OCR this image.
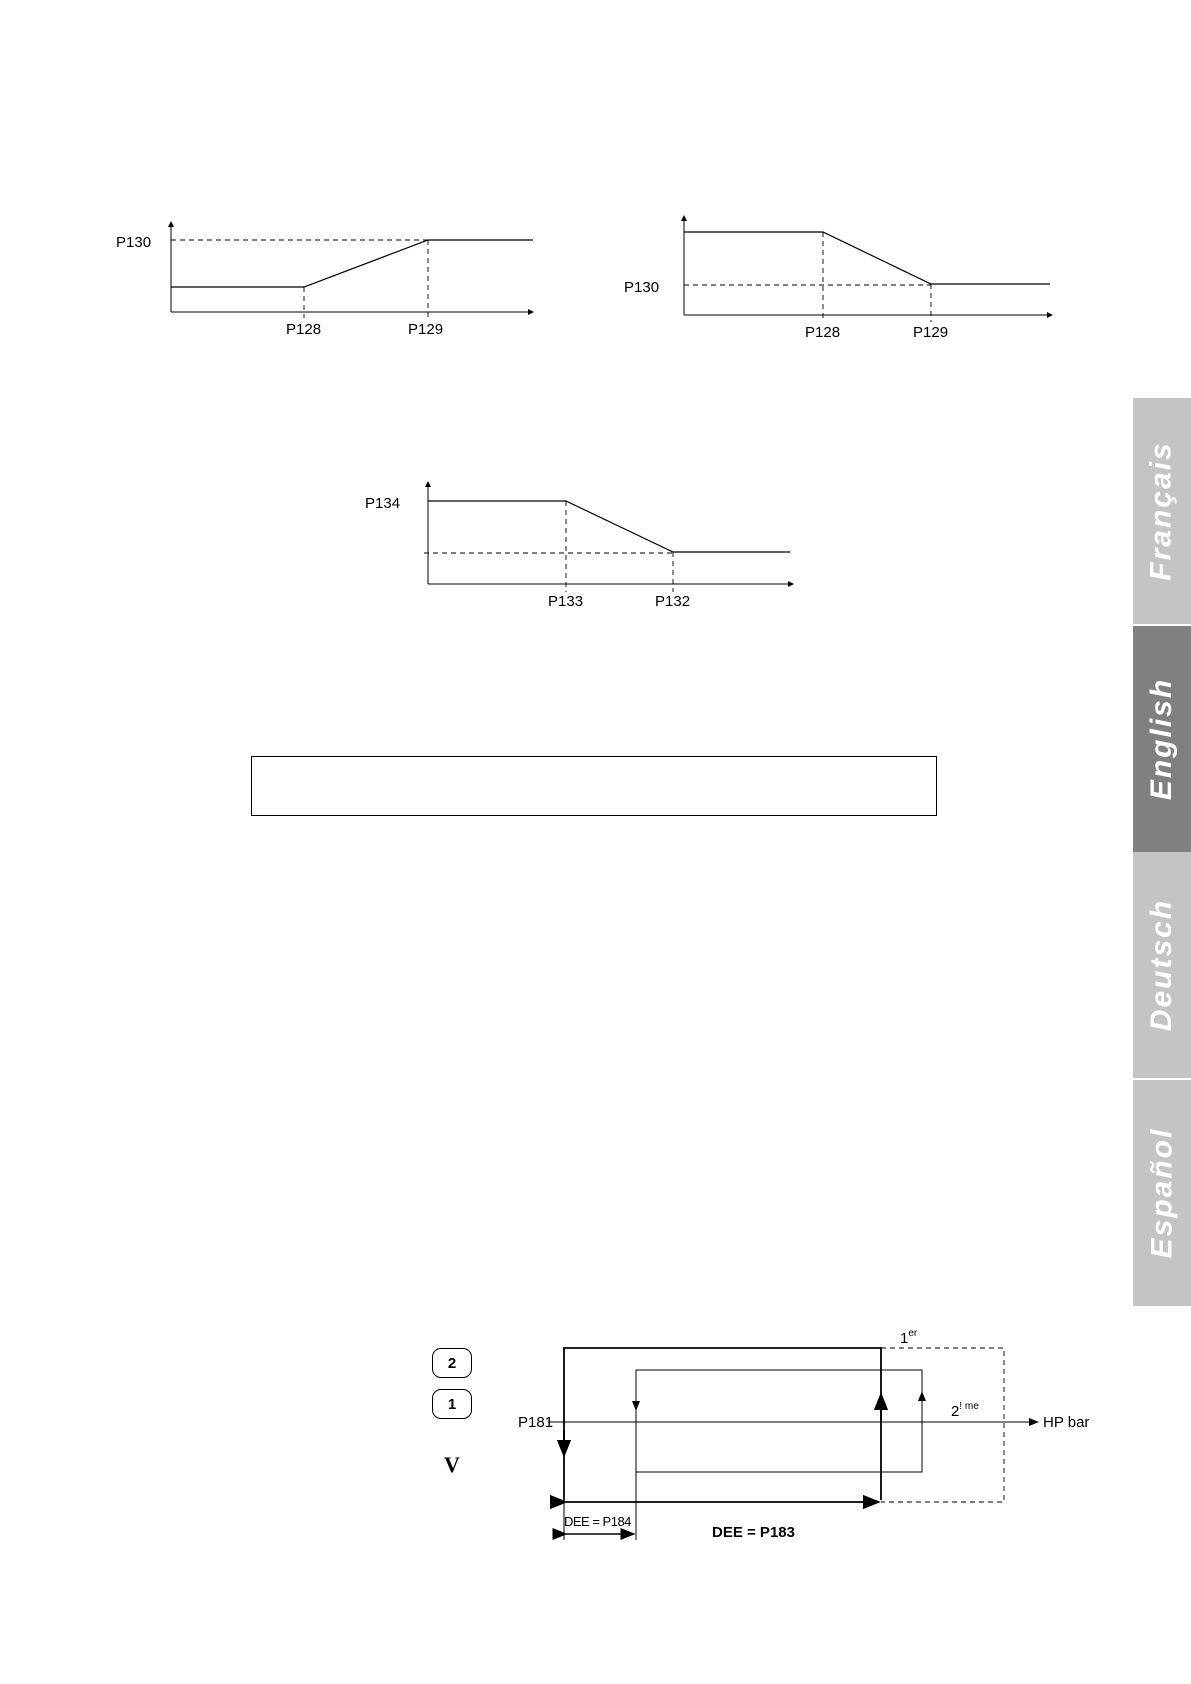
P130
P128	P129
P130
P128	P129
P134
P133	P132
P181	HP bar
1er
$2^{! me}$
DEE = P184
DEE = P183
2
1
V
Français
English
Deutsch
Español
